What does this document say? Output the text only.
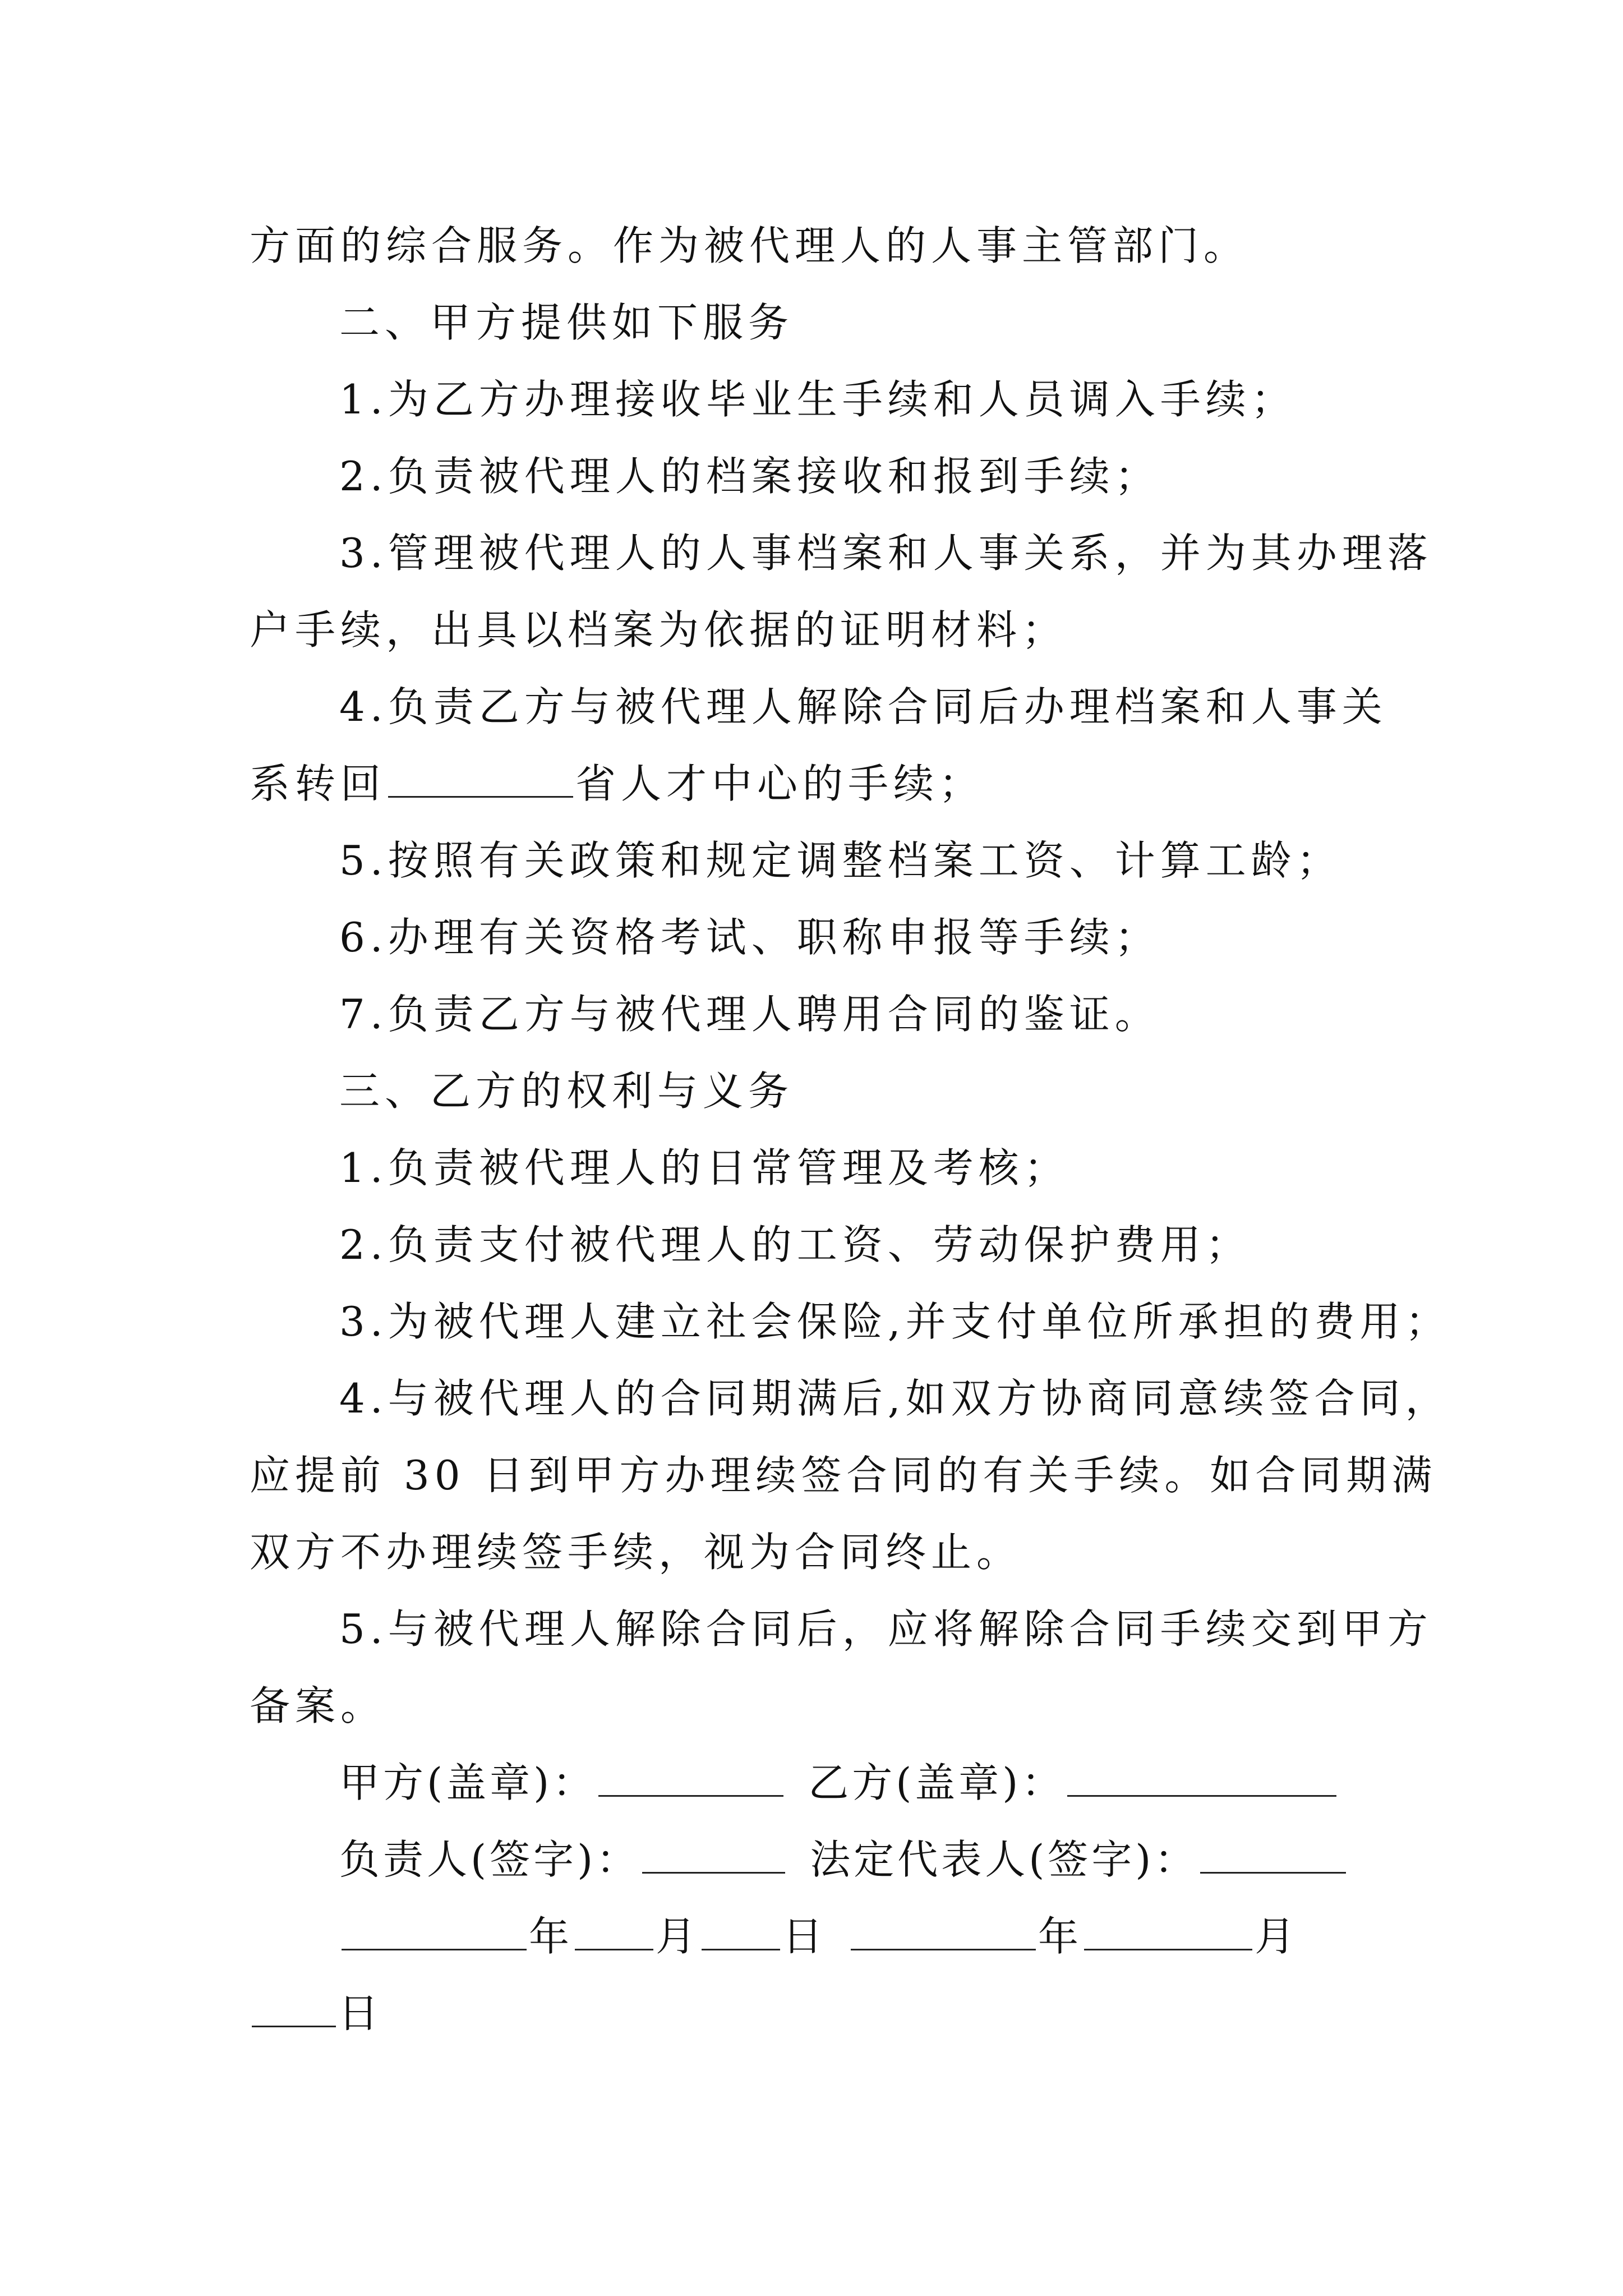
方面的综合服务。作为被代理人的人事主管部门。
二、甲方提供如下服务
1.为乙方办理接收毕业生手续和人员调入手续；
2.负责被代理人的档案接收和报到手续；
3.管理被代理人的人事档案和人事关系，并为其办理落
户手续，出具以档案为依据的证明材料；
4.负责乙方与被代理人解除合同后办理档案和人事关
系转回	省人才中心的手续；
5.按照有关政策和规定调整档案工资、计算工龄；
6.办理有关资格考试、职称申报等手续；
7.负责乙方与被代理人聘用合同的鉴证。
三、乙方的权利与义务
1.负责被代理人的日常管理及考核；
2.负责支付被代理人的工资、劳动保护费用；
3.为被代理人建立社会保险,并支付单位所承担的费用；
4.与被代理人的合同期满后,如双方协商同意续签合同，
应提前 30 日到甲方办理续签合同的有关手续。如合同期满
双方不办理续签手续，视为合同终止。
5.与被代理人解除合同后，应将解除合同手续交到甲方
备案。
甲方(盖章)：	乙方(盖章)：
负责人(签字)：	法定代表人(签字)：
年 月 日	年	月
日
